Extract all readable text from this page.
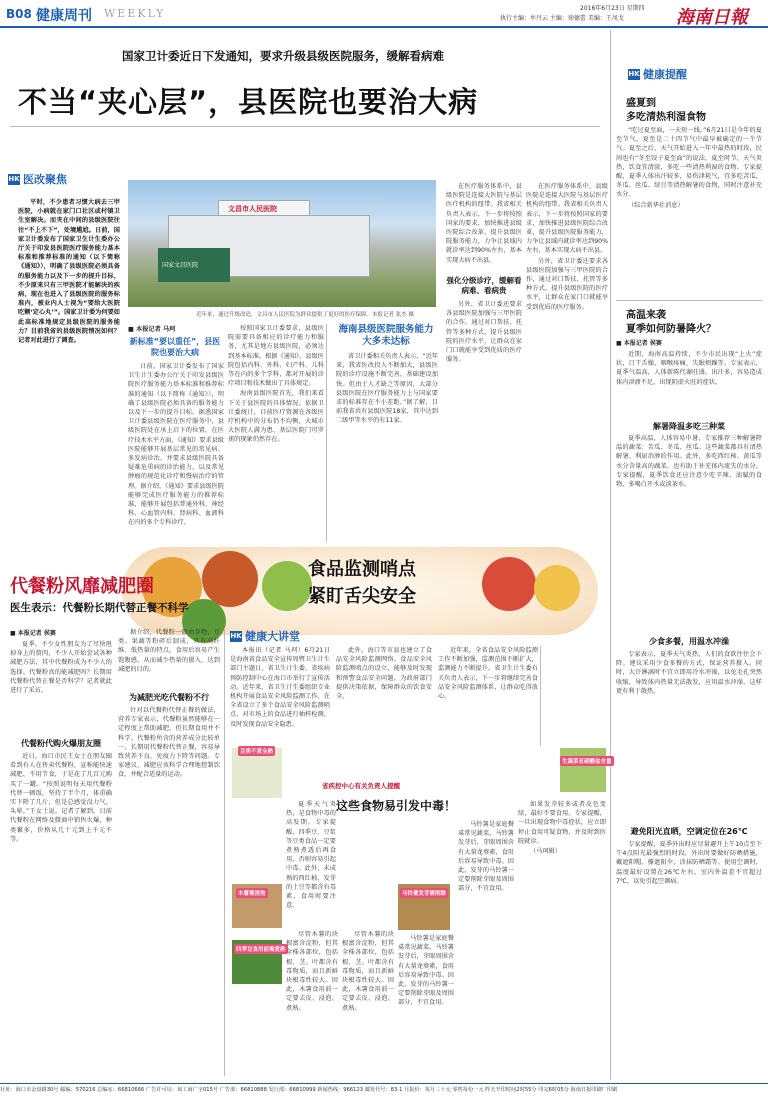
B08 健康周刊 WEEKLY	2016年6月23日 星期四
执行主编：牟丹云 主编：徐德蕾 美编：王凤戈	海南日報
国家卫计委近日下发通知，要求升级县级医院服务，缓解看病难
不当“夹心层”，县医院也要治大病
HK 医改聚焦

平时，不少患者习惯大病去三甲医院，小病就在家门口社区或村镇卫生室解决。而夹在中间的县级医院往往“不上不下”，处境尴尬。日前，国家卫计委发布了国家卫生计生委办公厅关于印发县医院医疗服务能力基本标准和推荐标准的通知（以下简称《通知》），明确了县级医院必须具备的服务能力以及下一步的提升目标，不少原来只有三甲医院才能解决的疾病，现在也进入了县级医院的服务标准内，被业内人士视为“要给大医院吃颗‘定心丸’”。国家卫计委为何要如此高标准地规定县级医院的服务能力？目前我省的县级医院情况如何？记者对此进行了调查。

文昌市人民医院
国家文昌医院
近年来，通过升级改造，文昌市人民医院为群众提供了更好的医疗保障。本报记者 张杰 摄
■ 本报记者 马珂
新标准“要以重任”，县医院也要治大病

日前，国家卫计委发布了国家卫生计生委办公厅关于印发县级医院医疗服务能力基本标准和推荐标准的通知（以下简称《通知》），明确了县级医院必须具备的服务能力以及下一步的提升目标。据悉国家卫计委县级医院在医疗服务中，县级医院处在承上启下的位置，在医疗技术水平方面，《通知》要求县级医院能够开展基层常见的常见病、多发病诊治。并要求县级医院具备疑难危重病的诊治能力，以及常见肿瘤的规范化诊疗和慢病治疗的管理。据介绍，《通知》要求县级医院能够完成医疗服务能力的推荐标准，能够开展包括普通外科、神经科、心血管内科、肾病科、血液科在内的多个专科诊疗。

按照国家卫计委要求，县级医院需要具备相应的诊疗能力和服务，尤其是地方县级医院，必须达到基本标准。根据《通知》，县级医院包括内科、外科、妇产科、儿科等在内的多个学科，都对开展的诊疗项目和技术做出了具体规定。

海南县级医院首先，我们来看下关于县医院的具体情况。依据卫计委统计，目前医疗资源在各级医疗机构中的分布仍不均衡，大城市大医院人满为患、基层医院门可罗雀的现象仍然存在。

海南县级医院服务能力大多未达标

省卫计委相关负责人表示，“近年来，我省医改投入不断加大，县级医院的诊疗设施不断完善，基础建设加快。但由于人才缺乏等原因，大部分县级医院在医疗服务能力上与国家要求的标准存在不小差距。”据了解，目前我省共有县级医院18家，其中达到二级甲等水平的有11家。

在医疗服务体系中，县级医院是连接大医院与基层医疗机构的纽带。我省相关负责人表示，下一步将按照国家的要求，加快推进县级医院综合改革，提升县级医院服务能力，力争让县域内就诊率达到90%左右，基本实现大病不出县。

强化分级诊疗，缓解看病难、看病贵

另外，省卫计委还要求各县级医院加强与三甲医院的合作，通过对口帮扶、托管等多种方式，提升县级医院的医疗水平，让群众在家门口就能享受到优质的医疗服务。

在医疗服务体系中，县级医院是连接大医院与基层医疗机构的纽带。我省相关负责人表示，下一步将按照国家的要求，加快推进县级医院综合改革，提升县级医院服务能力，力争让县域内就诊率达到90%左右，基本实现大病不出县。

另外，省卫计委还要求各县级医院加强与三甲医院的合作，通过对口帮扶、托管等多种方式，提升县级医院的医疗水平，让群众在家门口就能享受到优质的医疗服务。

HK 健康提醒
盛夏到
多吃清热利湿食物

“吃过夏至面，一天短一线。”6月21日是今年的夏至节气，夏至是二十四节气中最早被确定的一个节气。夏至之后，天气开始进入一年中最热的时段，民间也有“冬至饺子夏至面”的说法。夏至时节，天气炎热，饮食宜清淡，多吃一些清热利湿的食物。专家提醒，夏季人体出汗较多，易伤津耗气，宜多吃苦瓜、冬瓜、丝瓜、绿豆等清热解暑的食物，同时注意补充水分。

（综合新华社消息）

高温来袭
夏季如何防暑降火？
■ 本报记者 侯赛

近期，海南高温持续，不少市民出现“上火”症状，口干舌燥、咽喉疼痛、失眠烦躁等。专家表示，夏季气温高，人体新陈代谢旺盛，出汗多，容易造成体内津液不足，出现阴虚火旺的症状。

解暑降温多吃三种菜

夏季高温，人体容易中暑，专家推荐三种解暑降温的蔬菜：苦瓜、冬瓜、丝瓜。这些蔬菜都具有清热解暑、利尿消肿的作用。此外，多吃西红柿、黄瓜等水分含量高的蔬菜，也有助于补充体内流失的水分。专家提醒，夏季饮食还应注意少吃辛辣、油腻的食物，多喝白开水或淡茶水。

少食多餐，用温水冲澡

专家表示，夏季天气炎热，人们的食欲往往会下降。建议采用少食多餐的方式，保证营养摄入。同时，大汗淋漓时不宜立即用冷水冲澡，以免毛孔突然收缩，导致体内热量无法散发，应用温水冲澡，这样更有利于散热。

避免阳光直晒，空调定位在26℃

专家提醒，夏季外出时应尽量避开上午10点至下午4点阳光最强烈的时段，外出时要做好防晒措施，戴遮阳帽、撑遮阳伞、涂抹防晒霜等。使用空调时，温度最好设置在26℃左右，室内外温差不宜超过7℃，以免引起空调病。

食品监测哨点
紧盯舌尖安全
代餐粉风靡减肥圈
医生表示：代餐粉长期代替正餐不科学
■ 本报记者 侯赛

夏季，不少女性朋友为了尽快甩掉身上的赘肉，不少人开始尝试各种减肥方法，其中代餐粉成为不少人的选择。代餐粉真的能减肥吗？长期用代餐粉代替正餐是否科学？记者就此进行了采访。

代餐粉代购火爆朋友圈

近日，海口市民王女士在朋友圈看到有人在售卖代餐粉，宣称能快速减肥、不用节食，于是花了几百元购买了一罐。“按照说明每天用代餐粉代替一顿饭，坚持了半个月，体重确实下降了几斤，但是总感觉没力气，头晕。”王女士说。记者了解到，目前代餐粉在网络及微商中销售火爆，种类繁多，价格从几十元到上千元不等。

据介绍，代餐粉一般由谷物、豆类、果蔬等粉碎后制成，具有高纤维、低热量的特点，食用后容易产生饱腹感，从而减少热量的摄入，达到减肥的目的。

为减肥光吃代餐粉不行

针对以代餐粉代替正餐的做法，营养专家表示，代餐粉虽然能够在一定程度上帮助减肥，但长期食用并不科学。代餐粉所含的营养成分比较单一，长期用代餐粉代替正餐，容易导致营养不良、免疫力下降等问题。专家建议，减肥应该科学合理地控制饮食，并配合适量的运动。

HK 健康大讲堂

本报讯（记者 马珂）6月21日是海南省食品安全宣传周暨卫生计生部门主题日，省卫生计生委、省疾病预防控制中心在海口市举行了宣传活动。近年来，省卫生计生委组织专业机构开展食品安全风险监测工作，在全省设立了多个食品安全风险监测哨点，对市场上的食品进行抽样检测，及时发现食品安全隐患。

此外，海口等市县也建立了食品安全风险监测网络。食品安全风险监测哨点的设立，能够及时发现和预警食品安全问题，为政府部门提供决策依据，保障群众的饮食安全。

近年来，全省食品安全风险监测工作不断加强，监测范围不断扩大，监测能力不断提升。省卫生计生委有关负责人表示，下一步将继续完善食品安全风险监测体系，让群众吃得放心。

豆类不煮全熟

夏季天气炎热，是食物中毒的高发期。专家提醒，四季豆、豆浆等豆类食品一定要煮熟煮透后再食用，否则容易引起中毒。此外，未成熟的西红柿、发芽的土豆等都含有毒素，食用时要注意。

木薯需浸泡
四季豆食用前需煮熟
省疾控中心有关负责人提醒
这些食物易引发中毒！
生蔬菜亚硝酸盐含量
马铃薯发芽需削除

尽管木薯的块根富含淀粉，但其全株各部位，包括根、茎、叶都含有毒物质，而且新鲜块根毒性较大。因此，木薯食用前一定要去皮、浸泡、煮熟。

尽管木薯的块根富含淀粉，但其全株各部位，包括根、茎、叶都含有毒物质，而且新鲜块根毒性较大。因此，木薯食用前一定要去皮、浸泡、煮熟。

马铃薯是家庭餐桌常见蔬菜，马铃薯发芽后，芽眼周围含有大量龙葵素，食用后容易导致中毒。因此，发芽的马铃薯一定要削除芽眼及周围部分，不宜食用。

马铃薯是家庭餐桌常见蔬菜，马铃薯发芽后，芽眼周围含有大量龙葵素，食用后容易导致中毒。因此，发芽的马铃薯一定要削除芽眼及周围部分，不宜食用。

如果发芽较多或者皮色变绿，最好不要食用。专家提醒，一旦出现食物中毒症状，应立即停止食用可疑食物，并及时到医院就诊。

（马珂辑）

社址：海口市金盘路30号 邮编：570216 总编室：66810666 广告许可证：琼工商广字015号 广告部：66810888 发行部：66810999 新闻热线：966123 邮发代号：83-1 月报价：每月三十元 零售每份一元 昨天开印时间2时55分 印完6时05分 海南日报印刷厂印刷
